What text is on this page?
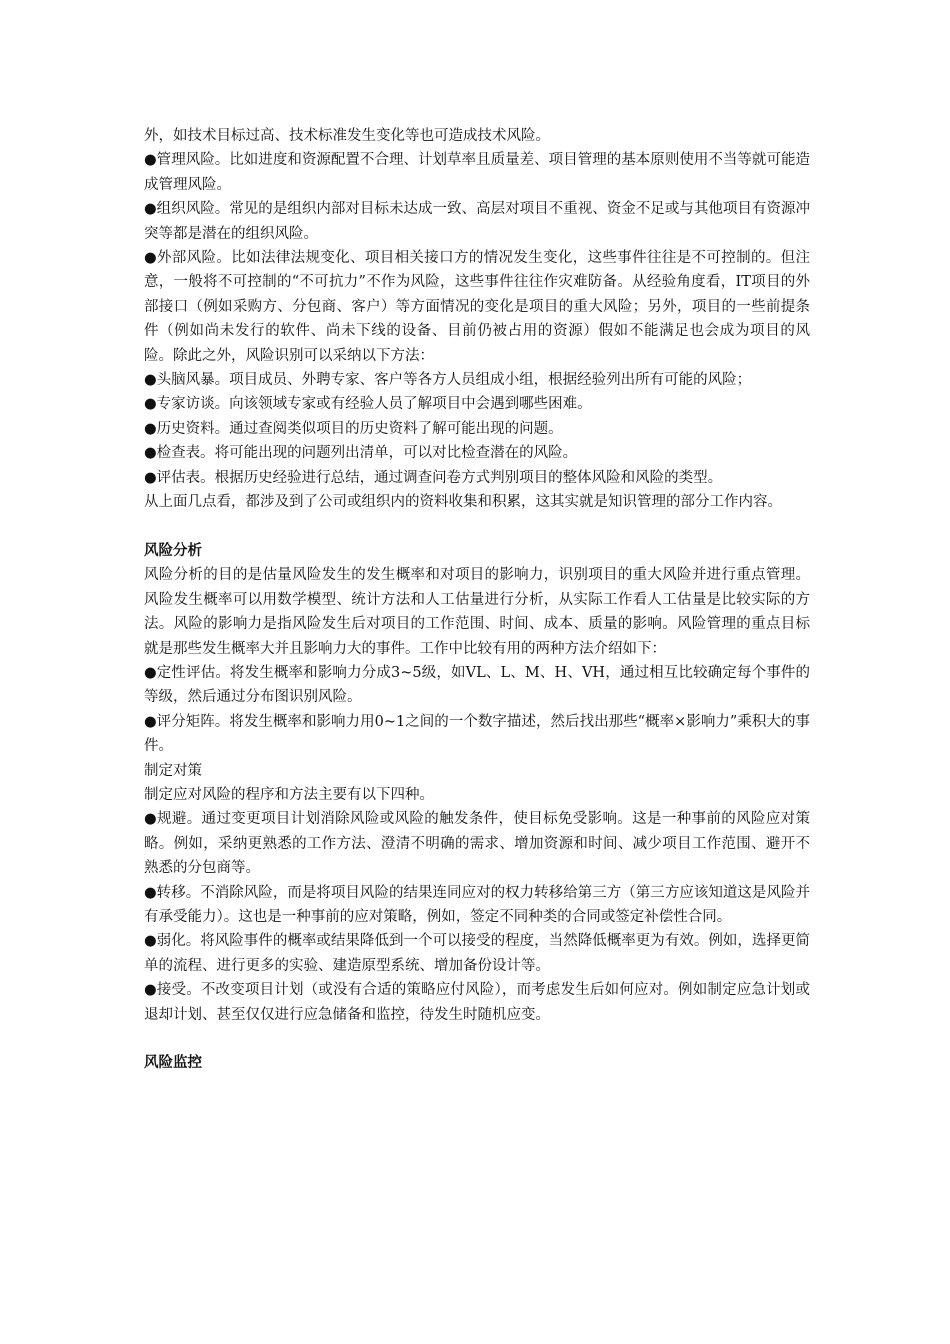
外，如技术目标过高、技术标准发生变化等也可造成技术风险。

●管理风险。比如进度和资源配置不合理、计划草率且质量差、项目管理的基本原则使用不当等就可能造成管理风险。

●组织风险。常见的是组织内部对目标未达成一致、高层对项目不重视、资金不足或与其他项目有资源冲突等都是潜在的组织风险。

●外部风险。比如法律法规变化、项目相关接口方的情况发生变化，这些事件往往是不可控制的。但注意，一般将不可控制的“不可抗力”不作为风险，这些事件往往作灾难防备。从经验角度看，IT项目的外部接口（例如采购方、分包商、客户）等方面情况的变化是项目的重大风险；另外，项目的一些前提条件（例如尚未发行的软件、尚未下线的设备、目前仍被占用的资源）假如不能满足也会成为项目的风险。除此之外，风险识别可以采纳以下方法：

●头脑风暴。项目成员、外聘专家、客户等各方人员组成小组，根据经验列出所有可能的风险；

●专家访谈。向该领域专家或有经验人员了解项目中会遇到哪些困难。

●历史资料。通过查阅类似项目的历史资料了解可能出现的问题。

●检查表。将可能出现的问题列出清单，可以对比检查潜在的风险。

●评估表。根据历史经验进行总结，通过调查问卷方式判别项目的整体风险和风险的类型。

从上面几点看，都涉及到了公司或组织内的资料收集和积累，这其实就是知识管理的部分工作内容。

风险分析

风险分析的目的是估量风险发生的发生概率和对项目的影响力，识别项目的重大风险并进行重点管理。风险发生概率可以用数学模型、统计方法和人工估量进行分析，从实际工作看人工估量是比较实际的方法。风险的影响力是指风险发生后对项目的工作范围、时间、成本、质量的影响。风险管理的重点目标就是那些发生概率大并且影响力大的事件。工作中比较有用的两种方法介绍如下：

●定性评估。将发生概率和影响力分成3~5级，如VL、L、M、H、VH，通过相互比较确定每个事件的等级，然后通过分布图识别风险。

●评分矩阵。将发生概率和影响力用0~1之间的一个数字描述，然后找出那些“概率×影响力”乘积大的事件。

制定对策

制定应对风险的程序和方法主要有以下四种。

●规避。通过变更项目计划消除风险或风险的触发条件，使目标免受影响。这是一种事前的风险应对策略。例如，采纳更熟悉的工作方法、澄清不明确的需求、增加资源和时间、减少项目工作范围、避开不熟悉的分包商等。

●转移。不消除风险，而是将项目风险的结果连同应对的权力转移给第三方（第三方应该知道这是风险并有承受能力）。这也是一种事前的应对策略，例如，签定不同种类的合同或签定补偿性合同。

●弱化。将风险事件的概率或结果降低到一个可以接受的程度，当然降低概率更为有效。例如，选择更简单的流程、进行更多的实验、建造原型系统、增加备份设计等。

●接受。不改变项目计划（或没有合适的策略应付风险），而考虑发生后如何应对。例如制定应急计划或退却计划、甚至仅仅进行应急储备和监控，待发生时随机应变。

风险监控
